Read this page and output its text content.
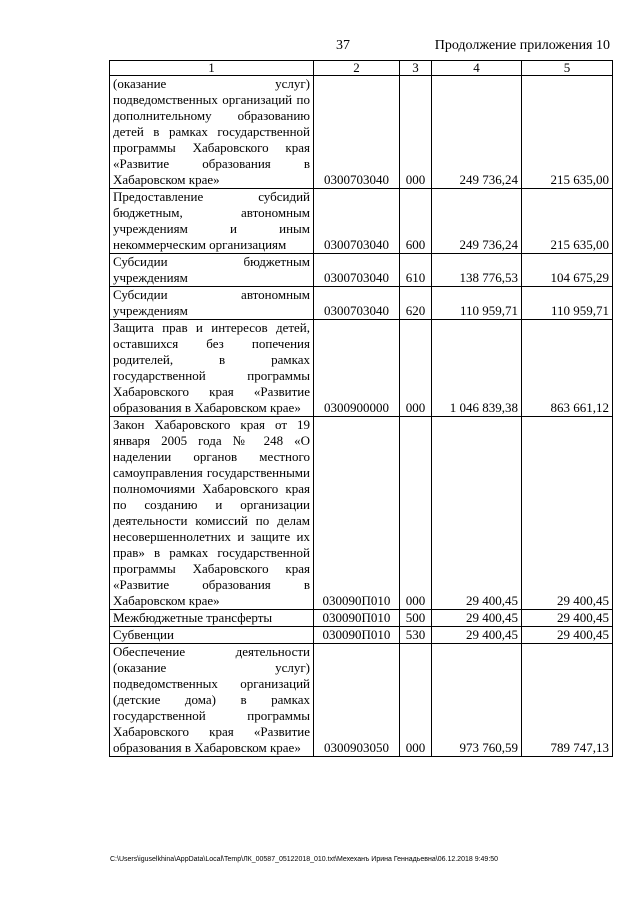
37	Продолжение приложения 10
1	2	3	4	5
(оказание услуг) подведомственных организаций по дополнительному образованию детей в рамках государственной программы Хабаровского края «Развитие образования в Хабаровском крае»	0300703040	000	249 736,24	215 635,00
Предоставление субсидий бюджетным, автономным учреждениям и иным некоммерческим организациям	0300703040	600	249 736,24	215 635,00
Субсидии бюджетным учреждениям	0300703040	610	138 776,53	104 675,29
Субсидии автономным учреждениям	0300703040	620	110 959,71	110 959,71
Защита прав и интересов детей, оставшихся без попечения родителей, в рамках государственной программы Хабаровского края «Развитие образования в Хабаровском крае»	0300900000	000	1 046 839,38	863 661,12
Закон Хабаровского края от 19 января 2005 года № 248 «О наделении органов местного самоуправления государственными полномочиями Хабаровского края по созданию и организации деятельности комиссий по делам несовершеннолетних и защите их прав» в рамках государственной программы Хабаровского края «Развитие образования в Хабаровском крае»	030090П010	000	29 400,45	29 400,45
Межбюджетные трансферты	030090П010	500	29 400,45	29 400,45
Субвенции	030090П010	530	29 400,45	29 400,45
Обеспечение деятельности (оказание услуг) подведомственных организаций (детские дома) в рамках государственной программы Хабаровского края «Развитие образования в Хабаровском крае»	0300903050	000	973 760,59	789 747,13
C:\Users\iguselkhina\AppData\Local\Temp\ЛК_00587_05122018_010.txt\Мехеханъ Ирина Геннадьевна\06.12.2018 9:49:50
